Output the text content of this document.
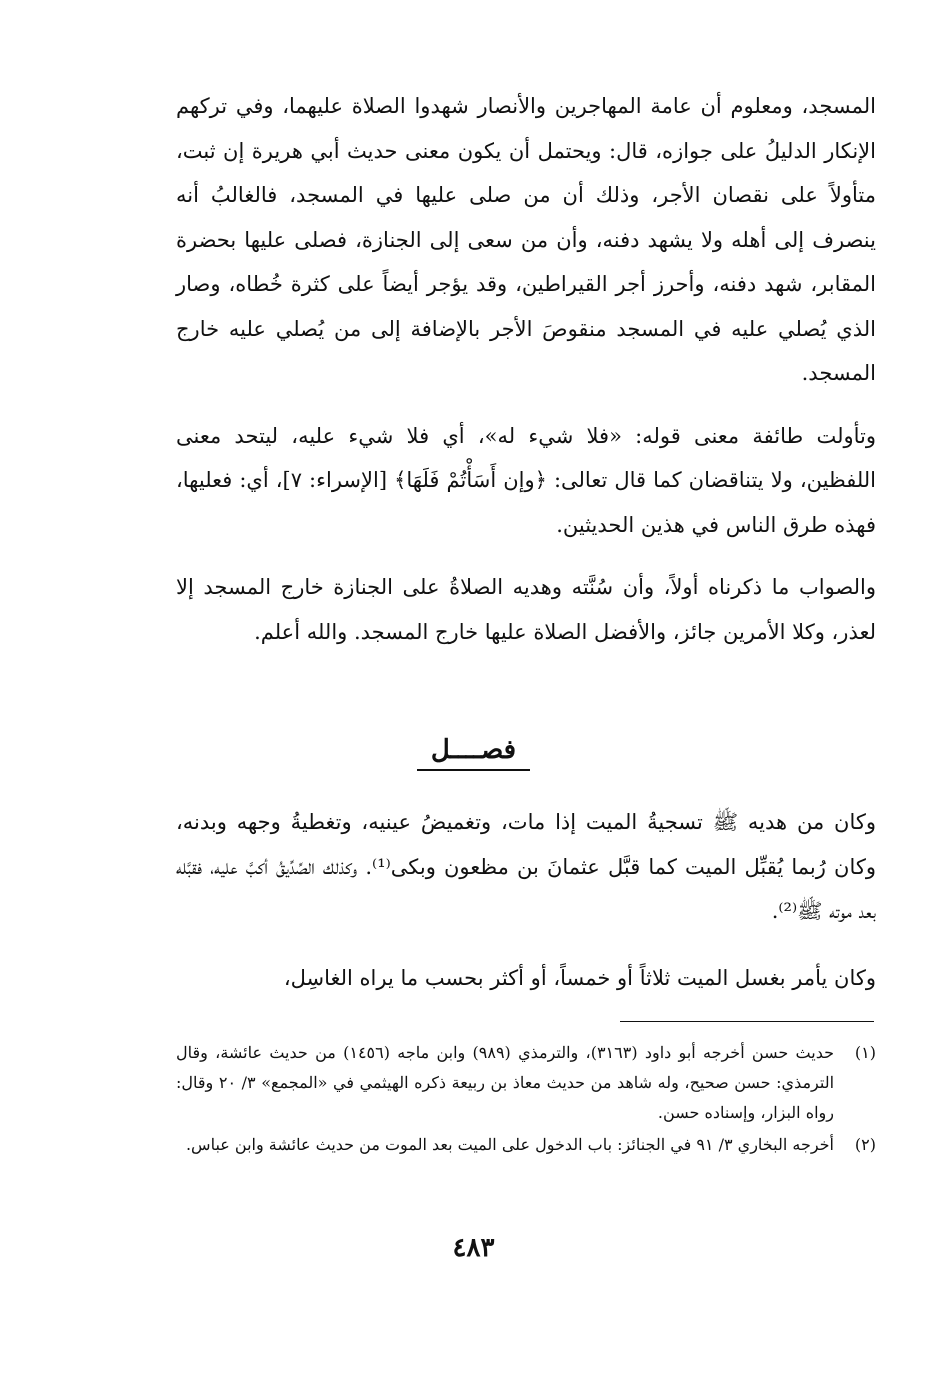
المسجد، ومعلوم أن عامة المهاجرين والأنصار شهدوا الصلاة عليهما، وفي تركهم الإنكار الدليلُ على جوازه، قال: ويحتمل أن يكون معنى حديث أبي هريرة إن ثبت، متأولاً على نقصان الأجر، وذلك أن من صلى عليها في المسجد، فالغالبُ أنه ينصرف إلى أهله ولا يشهد دفنه، وأن من سعى إلى الجنازة، فصلى عليها بحضرة المقابر، شهد دفنه، وأحرز أجر القيراطين، وقد يؤجر أيضاً على كثرة خُطاه، وصار الذي يُصلي عليه في المسجد منقوصَ الأجر بالإضافة إلى من يُصلي عليه خارج المسجد.

وتأولت طائفة معنى قوله: «فلا شيء له»، أي فلا شيء عليه، ليتحد معنى اللفظين، ولا يتناقضان كما قال تعالى: ﴿وإن أَسَأْتُمْ فَلَهَا﴾ [الإسراء: ٧]، أي: فعليها، فهذه طرق الناس في هذين الحديثين.

والصواب ما ذكرناه أولاً، وأن سُنَّته وهديه الصلاةُ على الجنازة خارج المسجد إلا لعذر، وكلا الأمرين جائز، والأفضل الصلاة عليها خارج المسجد. والله أعلم.

فصــــل

وكان من هديه ﷺ تسجيةُ الميت إذا مات، وتغميضُ عينيه، وتغطيةُ وجهه وبدنه، وكان رُبما يُقبِّل الميت كما قبَّل عثمانَ بن مظعون وبكى⁽¹⁾. وكذلك الصِّدِّيقُ أكبَّ عليه، فقبَّله بعد موته ﷺ⁽²⁾.

وكان يأمر بغسل الميت ثلاثاً أو خمساً، أو أكثر بحسب ما يراه الغاسِل،

(١)
حديث حسن أخرجه أبو داود (٣١٦٣)، والترمذي (٩٨٩) وابن ماجه (١٤٥٦) من حديث عائشة، وقال الترمذي: حسن صحيح، وله شاهد من حديث معاذ بن ربيعة ذكره الهيثمي في «المجمع» ٣/ ٢٠ وقال: رواه البزار، وإسناده حسن.
(٢)
أخرجه البخاري ٣/ ٩١ في الجنائز: باب الدخول على الميت بعد الموت من حديث عائشة وابن عباس.
٤٨٣
